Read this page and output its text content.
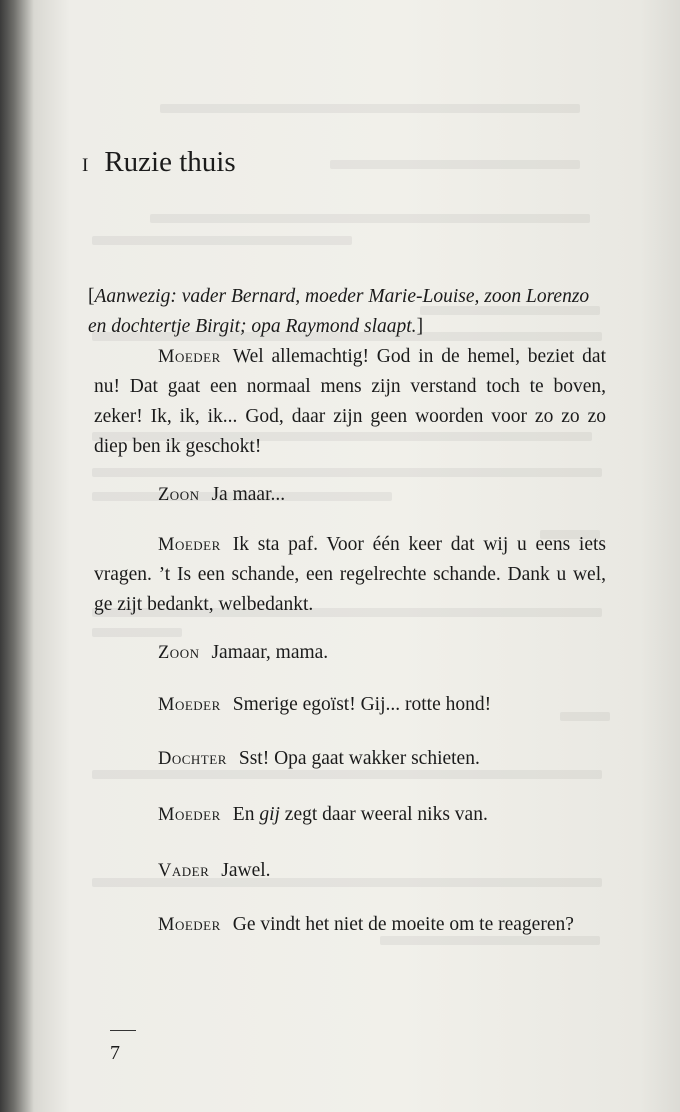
I Ruzie thuis
[Aanwezig: vader Bernard, moeder Marie-Louise, zoon Lorenzo en dochtertje Birgit; opa Raymond slaapt.]
Moeder Wel allemachtig! God in de hemel, beziet dat nu! Dat gaat een normaal mens zijn verstand toch te boven, zeker! Ik, ik, ik... God, daar zijn geen woorden voor zo zo zo diep ben ik geschokt!
Zoon Ja maar...
Moeder Ik sta paf. Voor één keer dat wij u eens iets vragen. ’t Is een schande, een regelrechte schande. Dank u wel, ge zijt bedankt, welbedankt.
Zoon Jamaar, mama.
Moeder Smerige egoïst! Gij... rotte hond!
Dochter Sst! Opa gaat wakker schieten.
Moeder En gij zegt daar weeral niks van.
Vader Jawel.
Moeder Ge vindt het niet de moeite om te reageren?
7
